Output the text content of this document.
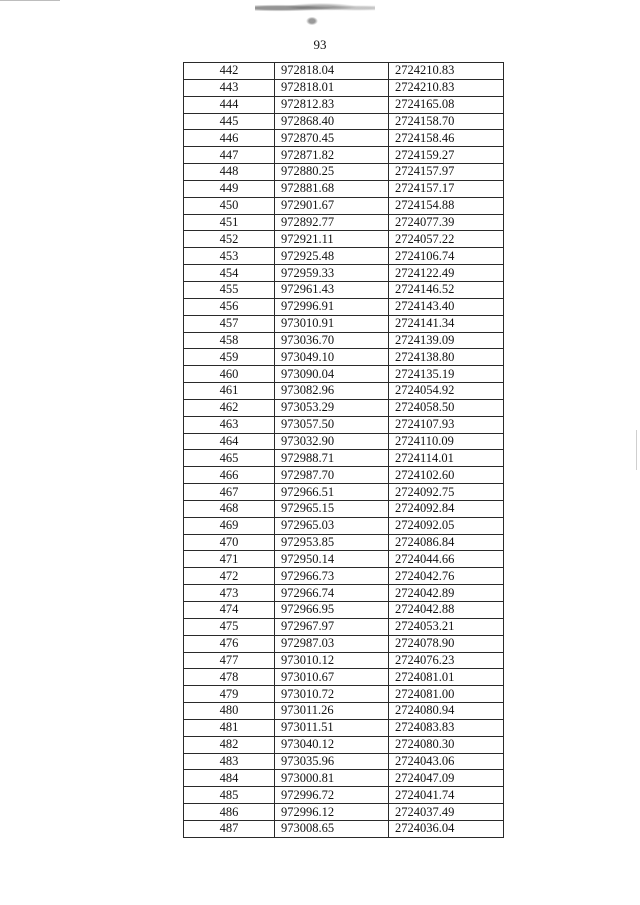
93
442	972818.04	2724210.83
443	972818.01	2724210.83
444	972812.83	2724165.08
445	972868.40	2724158.70
446	972870.45	2724158.46
447	972871.82	2724159.27
448	972880.25	2724157.97
449	972881.68	2724157.17
450	972901.67	2724154.88
451	972892.77	2724077.39
452	972921.11	2724057.22
453	972925.48	2724106.74
454	972959.33	2724122.49
455	972961.43	2724146.52
456	972996.91	2724143.40
457	973010.91	2724141.34
458	973036.70	2724139.09
459	973049.10	2724138.80
460	973090.04	2724135.19
461	973082.96	2724054.92
462	973053.29	2724058.50
463	973057.50	2724107.93
464	973032.90	2724110.09
465	972988.71	2724114.01
466	972987.70	2724102.60
467	972966.51	2724092.75
468	972965.15	2724092.84
469	972965.03	2724092.05
470	972953.85	2724086.84
471	972950.14	2724044.66
472	972966.73	2724042.76
473	972966.74	2724042.89
474	972966.95	2724042.88
475	972967.97	2724053.21
476	972987.03	2724078.90
477	973010.12	2724076.23
478	973010.67	2724081.01
479	973010.72	2724081.00
480	973011.26	2724080.94
481	973011.51	2724083.83
482	973040.12	2724080.30
483	973035.96	2724043.06
484	973000.81	2724047.09
485	972996.72	2724041.74
486	972996.12	2724037.49
487	973008.65	2724036.04
